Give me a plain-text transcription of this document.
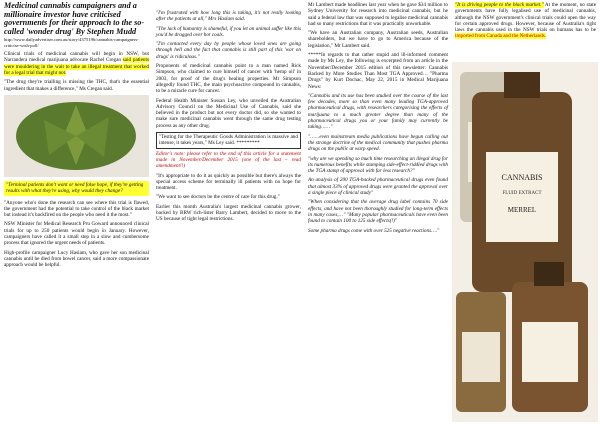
Medicinal cannabis campaigners and a millionaire investor have criticised governments for their approach to the so-called 'wonder drug' By Stephen Mudd
http://www.dailyadvertiser.com.au/story/4375196/cannabis-campaigners-criticise-wish-poll/

Clinical trials of medicinal cannabis will begin in NSW, but Narrandera medical marijuana advocate Rachel Cregan said patients were mouldering in the wait to take an illegal treatment that worked for a legal trial that might not.

"The drug they're trialling is missing the THC, that's the essential ingredient that makes a difference," Ms Cregan said.

"Terminal patients don't want or need false hope, if they're getting results with what they're using, why would they change?

"Anyone who's done the research can see where this trial is flawed, the government had the potential to take control of the black market but instead it's backfired on the people who need it the most."

NSW Minister for Medical Research Pru Goward announced clinical trials for up to 250 patients would begin in January. However, campaigners have called it a small step in a slow and cumbersome process that ignored the urgent needs of patients.

High-profile campaigner Lucy Haslam, who gave her son medicinal cannabis until he died from bowel cancer, said a more compassionate approach would be helpful.

"I'm frustrated with how long this is taking, it's not really looking after the patients at all," Mrs Haslam said.

"The lack of humanity is shameful, if you let an animal suffer like this you'd be dragged over hot coals.

"I'm contacted every day by people whose loved ones are going through hell and the fact that cannabis is still part of this 'war on drugs' is ridiculous."

Proponents of medicinal cannabis point to a man named Rick Simpson, who claimed to cure himself of cancer with 'hemp oil' in 2003, for proof of the drug's healing properties. Mr Simpson allegedly found THC, the main psychoactive compound in cannabis, to be a miracle cure for cancer.

Federal Health Minister Sussan Ley, who unveiled the Australian Advisory Council on the Medicinal Use of Cannabis, said she believed in the product but not every doctor did, so she wanted to make sure medicinal cannabis went through the same drug testing process as any other drug.

"Testing for the Therapeutic Goods Administration is massive and intense, it takes years," Ms Ley said. *********

Editor's note: please refer to the end of this article for a statement made in November/December 2015 (one of the last – read amendment!!)

"It's appropriate to do it as quickly as possible but there's always the special access scheme for terminally ill patients with no hope for treatment.

"We want to see doctors be the centre of care for this drug."

Earlier this month Australia's largest medicinal cannabis grower, backed by BRW rich-lister Barry Lambert, decided to move to the US because of tight legal restrictions.

Mr Lambert made headlines last year when he gave $34 million to Sydney University for research into medicinal cannabis, but he said a federal law that was supposed to legalise medicinal cannabis had so many restrictions that it was practically unworkable.

"We have an Australian company, Australian seeds, Australian shareholders, but we have to go to America because of the legislation," Mr Lambert said.

*****In regards to that rather stupid and ill-informed comment made by Ms Ley, the following is excerpted from an article in the November/December 2015 edition of this newsletter: Cannabis Backed by More Studies Than Most TGA Approved… "Pharma Drugs" by Kurt Dochac, May 22, 2015 in Medical Marijuana News:

"Cannabis and its use has been studied over the course of the last few decades, more so than even many leading TGA-approved pharmaceutical drugs, with researchers categorising the effects of marijuana to a much greater degree than many of the pharmaceutical drugs you or your family may currently be taking……"

"……even mainstream media publications have begun calling out the strange doctrine of the medical community that pushes pharma drugs on the public at warp speed.

"why are we spending so much time researching an illegal drug for its numerous benefits while stamping side-effect-riddled drugs with the TGA stamp of approval with far less research?"

An analysis of 200 TGA-backed pharmaceutical drugs even found that almost 33% of approved drugs were granted the approval over a single piece of clinical study"

"When considering that the average drug label contains 70 side effects, and have not been thoroughly studied for long-term effects in many cases,…" "Many popular pharmaceuticals have even been found to contain 100 to 125 side effects(!)"

Some pharma drugs come with over 525 negative reactions…."

"It is driving people to the black market." At the moment, no state governments have fully legalised use of medicinal cannabis, although the NSW government's clinical trials could open the way for certain approved drugs. However, because of Australia's tight laws the cannabis used in the NSW trials on humans has to be imported from Canada and the Netherlands.

CANNABIS
FLUID EXTRACT
MERREL
